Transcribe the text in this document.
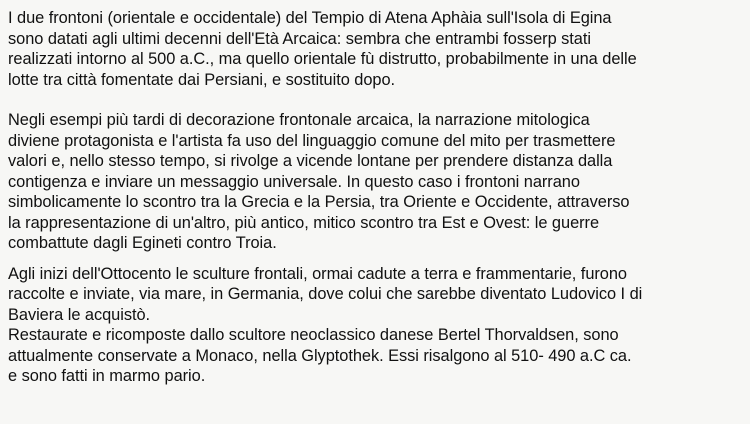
I due frontoni (orientale e occidentale) del Tempio di Atena Aphàia sull'Isola di Egina
sono datati agli ultimi decenni dell'Età Arcaica: sembra che entrambi fosserp stati
realizzati intorno al 500 a.C., ma quello orientale fù distrutto, probabilmente in una delle
lotte tra città fomentate dai Persiani, e sostituito dopo.
Negli esempi più tardi di decorazione frontonale arcaica, la narrazione mitologica
diviene protagonista e l'artista fa uso del linguaggio comune del mito per trasmettere
valori e, nello stesso tempo, si rivolge a vicende lontane per prendere distanza dalla
contigenza e inviare un messaggio universale. In questo caso i frontoni narrano
simbolicamente lo scontro tra la Grecia e la Persia, tra Oriente e Occidente, attraverso
la rappresentazione di un'altro, più antico, mitico scontro tra Est e Ovest: le guerre
combattute dagli Egineti contro Troia.
Agli inizi dell'Ottocento le sculture frontali, ormai cadute a terra e frammentarie, furono
raccolte e inviate, via mare, in Germania, dove colui che sarebbe diventato Ludovico I di
Baviera le acquistò.
Restaurate e ricomposte dallo scultore neoclassico danese Bertel Thorvaldsen, sono
attualmente conservate a Monaco, nella Glyptothek. Essi risalgono al 510- 490 a.C ca.
e sono fatti in marmo pario.
